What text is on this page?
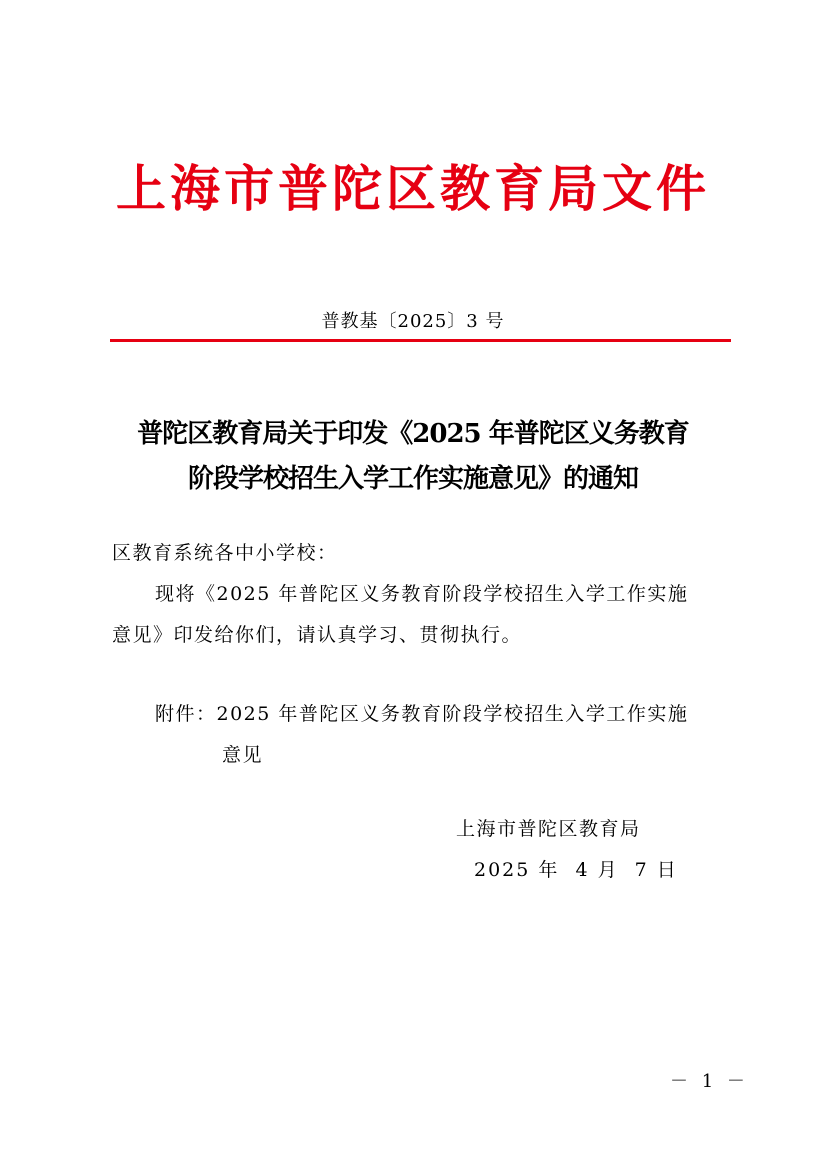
上海市普陀区教育局文件
普教基〔2025〕3 号
普陀区教育局关于印发《2025 年普陀区义务教育
阶段学校招生入学工作实施意见》的通知
区教育系统各中小学校：
现将《2025 年普陀区义务教育阶段学校招生入学工作实施
意见》印发给你们，请认真学习、贯彻执行。
附件：2025 年普陀区义务教育阶段学校招生入学工作实施
意见
上海市普陀区教育局
2025 年  4 月  7 日
－ 1 －
